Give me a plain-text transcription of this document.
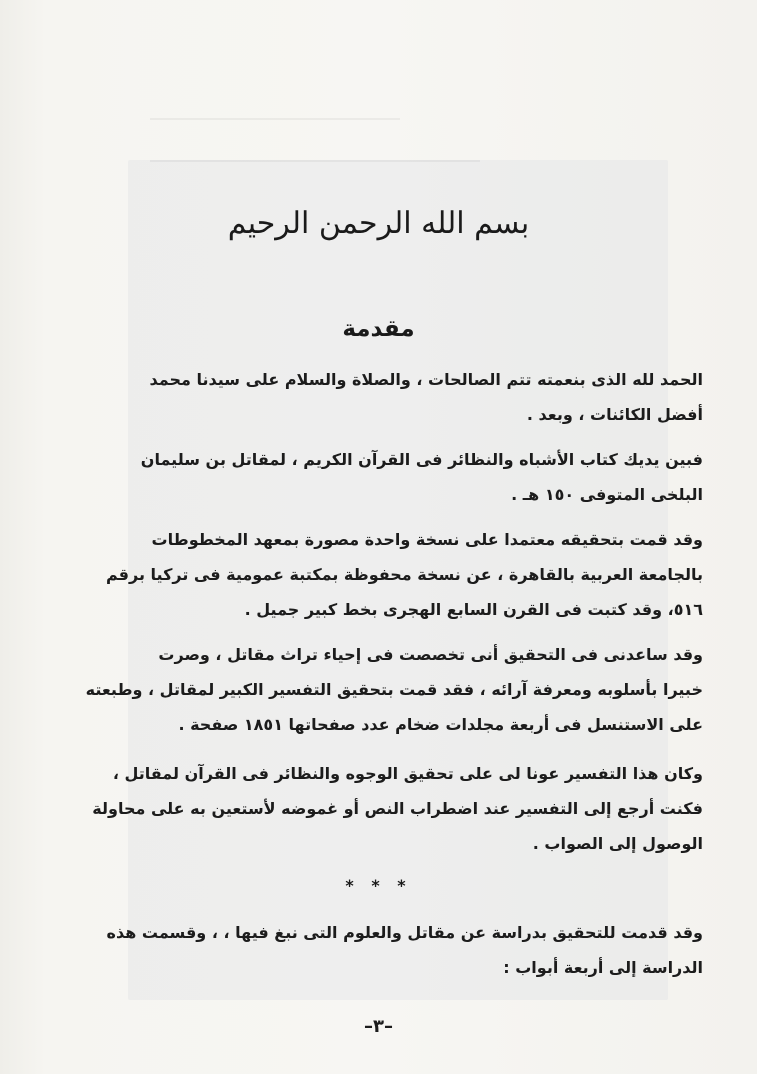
بسم الله الرحمن الرحيم
مقدمة

الحمد لله الذى بنعمته تتم الصالحات ، والصلاة والسلام على سيدنا محمد
أفضل الكائنات ، وبعد .

فبين يديك كتاب الأشباه والنظائر فى القرآن الكريم ، لمقاتل بن سليمان
البلخى المتوفى ١٥٠ هـ .

وقد قمت بتحقيقه معتمدا على نسخة واحدة مصورة بمعهد المخطوطات
بالجامعة العربية بالقاهرة ، عن نسخة محفوظة بمكتبة عمومية فى تركيا برقم
٥١٦، وقد كتبت فى القرن السابع الهجرى بخط كبير جميل .

وقد ساعدنى فى التحقيق أنى تخصصت فى إحياء تراث مقاتل ، وصرت
خبيرا بأسلوبه ومعرفة آرائه ، فقد قمت بتحقيق التفسير الكبير لمقاتل ، وطبعته
على الاستنسل فى أربعة مجلدات ضخام عدد صفحاتها ١٨٥١ صفحة .

وكان هذا التفسير عونا لى على تحقيق الوجوه والنظائر فى القرآن لمقاتل ،
فكنت أرجع إلى التفسير عند اضطراب النص أو غموضه لأستعين به على محاولة
الوصول إلى الصواب .

* * *

وقد قدمت للتحقيق بدراسة عن مقاتل والعلوم التى نبغ فيها ، ، وقسمت هذه
الدراسة إلى أربعة أبواب :

–٣–
